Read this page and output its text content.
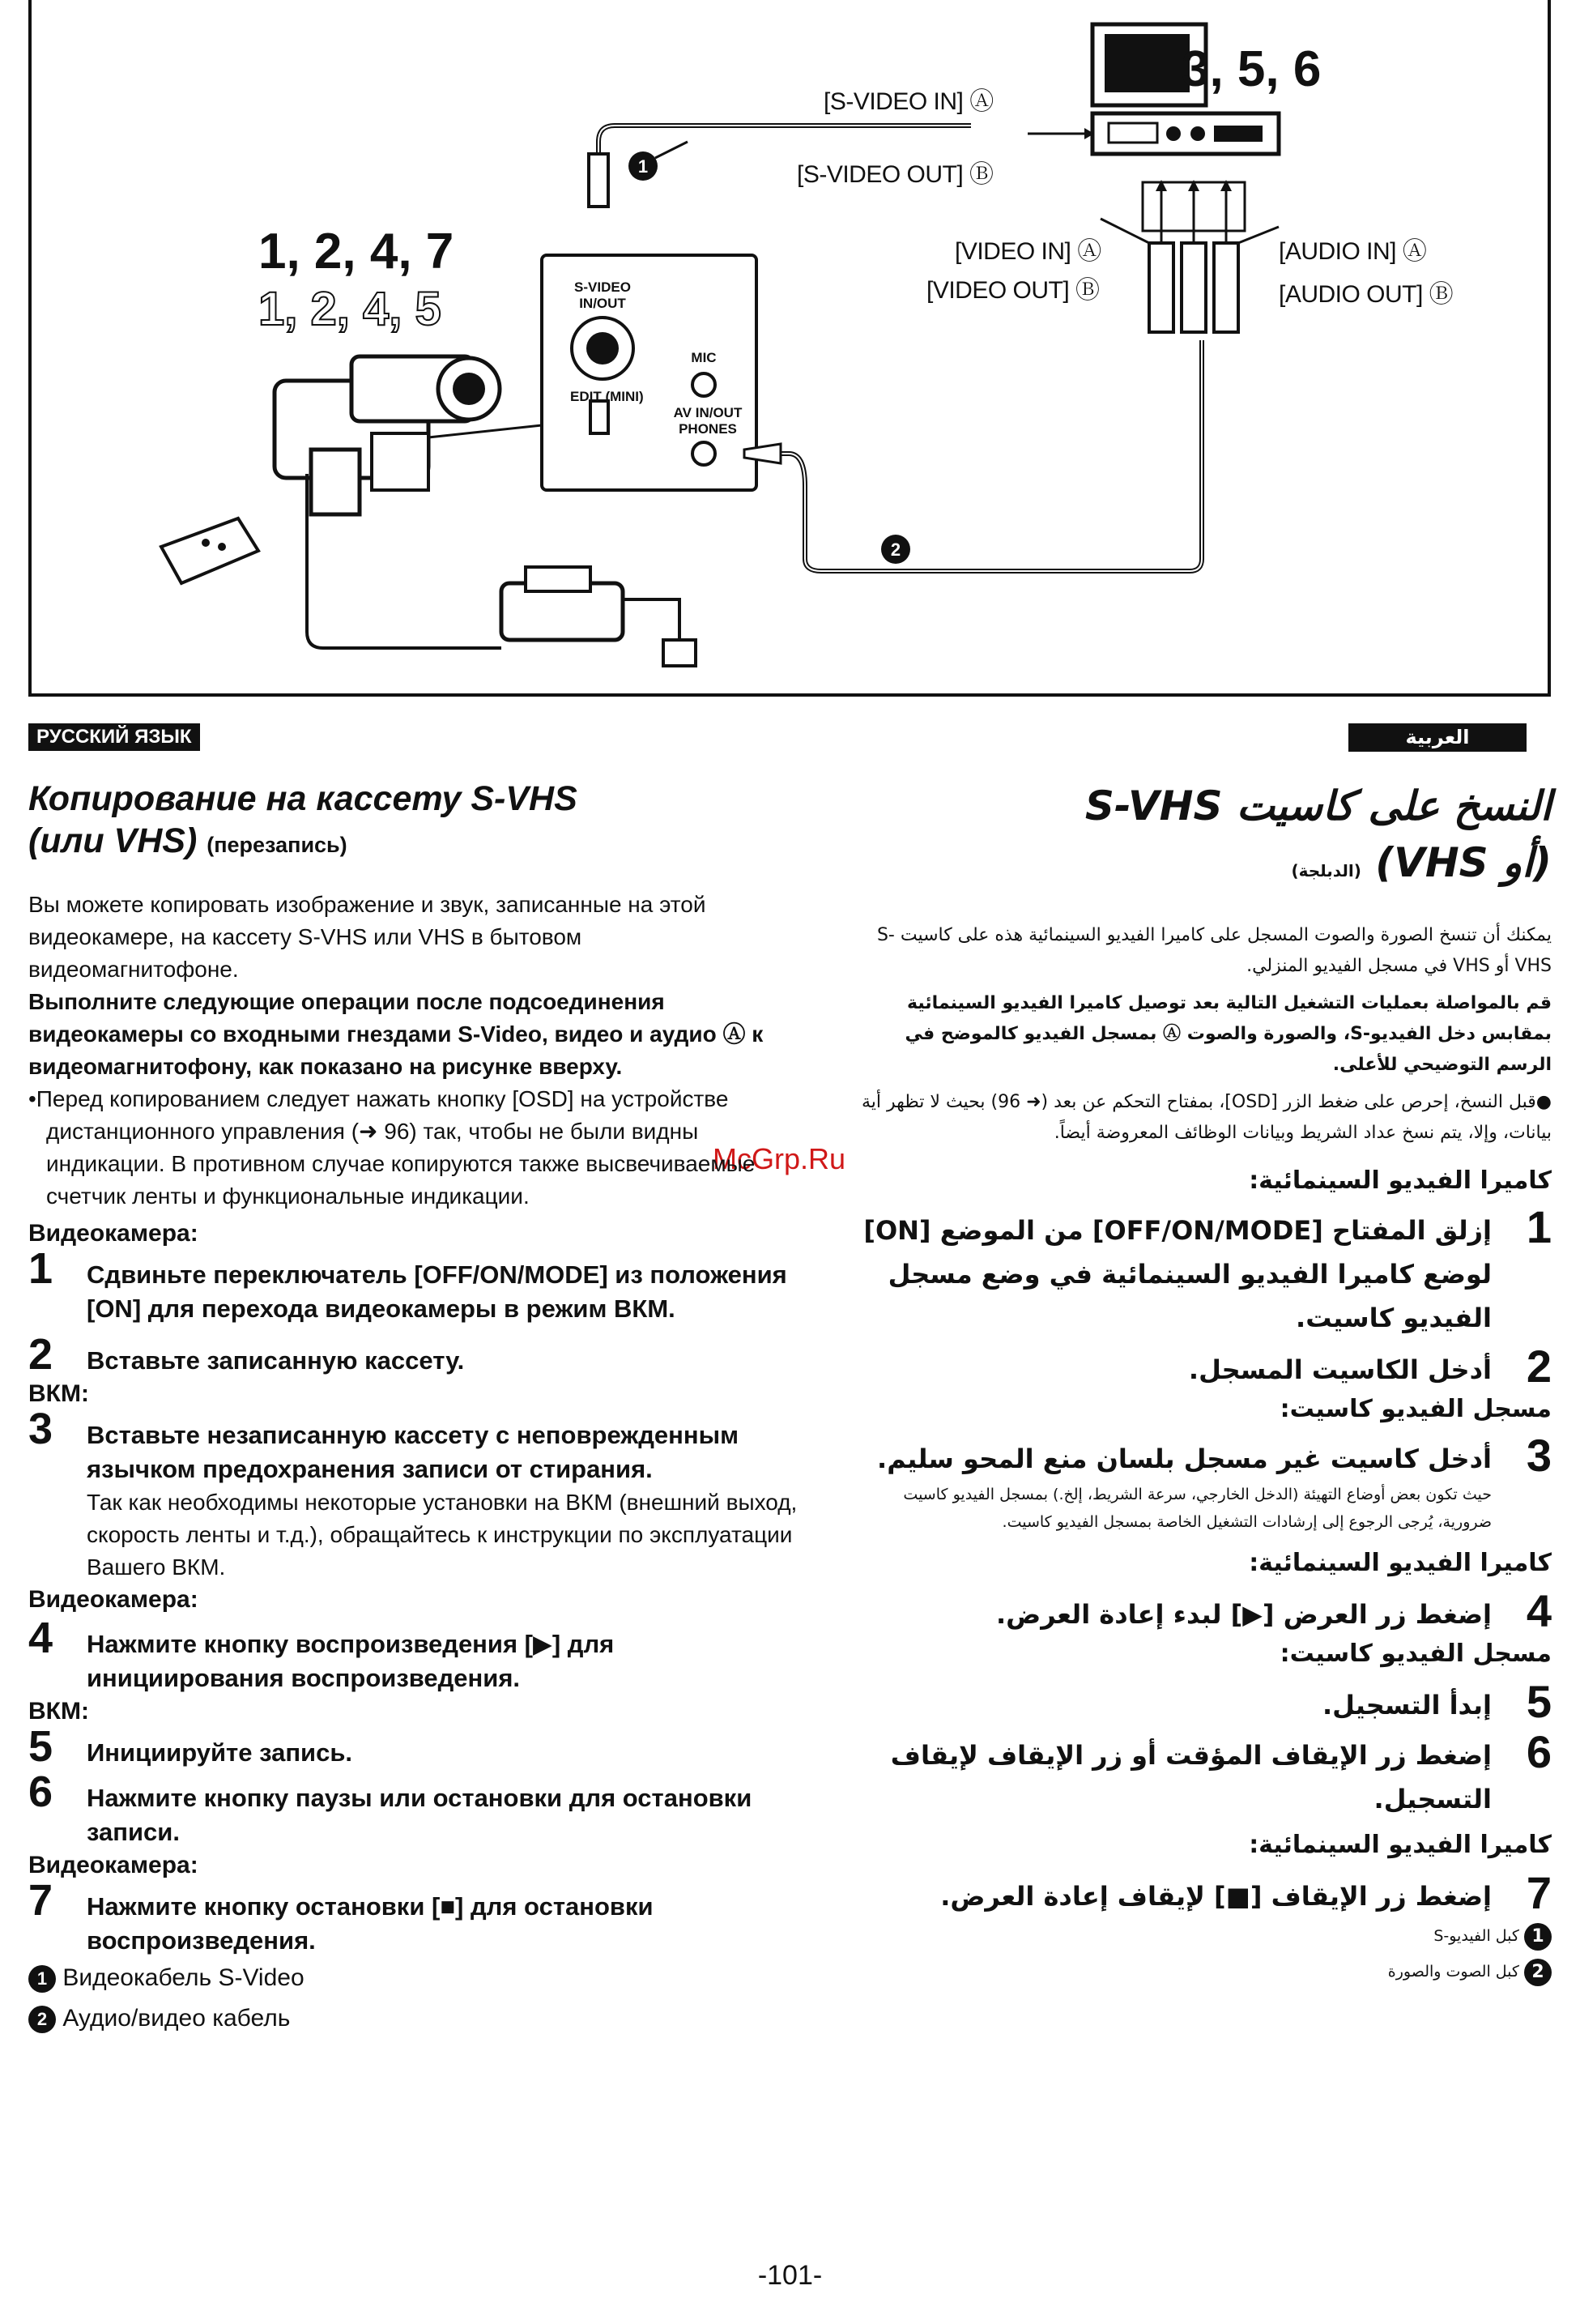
1
2
1, 2, 4, 7
1, 2, 4, 5
3, 5, 6
[S-VIDEO IN] Ⓐ
[S-VIDEO OUT] Ⓑ
[VIDEO IN] Ⓐ
[VIDEO OUT] Ⓑ
[AUDIO IN] Ⓐ
[AUDIO OUT] Ⓑ
S-VIDEO IN/OUT
EDIT (MINI)
MIC
AV IN/OUT PHONES
РУССКИЙ ЯЗЫК	العربية
McGrp.Ru
Копирование на кассету S-VHS
(или VHS) (перезапись)
Вы можете копировать изображение и звук, записанные на этой видеокамере, на кассету S-VHS или VHS в бытовом видеомагнитофоне.
Выполните следующие операции после подсоединения видеокамеры со входными гнездами S-Video, видео и аудио Ⓐ к видеомагнитофону, как показано на рисунке вверху.
•Перед копированием следует нажать кнопку [OSD] на устройстве дистанционного управления (➜ 96) так, чтобы не были видны индикации. В противном случае копируются также высвечиваемые счетчик ленты и функциональные индикации.
Видеокамера:
1 Сдвиньте переключатель [OFF/ON/MODE] из положения [ON] для перехода видеокамеры в режим ВКМ.
2 Вставьте записанную кассету.
ВКМ:
3 Вставьте незаписанную кассету с неповрежденным язычком предохранения записи от стирания.
Так как необходимы некоторые установки на ВКМ (внешний выход, скорость ленты и т.д.), обращайтесь к инструкции по эксплуатации Вашего ВКМ.
Видеокамера:
4 Нажмите кнопку воспроизведения [▶] для инициирования воспроизведения.
ВКМ:
5 Инициируйте запись.
6 Нажмите кнопку паузы или остановки для остановки записи.
Видеокамера:
7 Нажмите кнопку остановки [■] для остановки воспроизведения.
1 Видеокабель S-Video
2 Аудио/видео кабель
النسخ على كاسيت S-VHS
(أو VHS) (الدبلجة)
يمكنك أن تنسخ الصورة والصوت المسجل على كاميرا الفيديو السينمائية هذه على كاسيت S-VHS أو VHS في مسجل الفيديو المنزلي.
قم بالمواصلة بعمليات التشغيل التالية بعد توصيل كاميرا الفيديو السينمائية بمقابس دخل الفيديو-S، والصورة والصوت Ⓐ بمسجل الفيديو كالموضح في الرسم التوضيحي للأعلى.
●قبل النسخ، إحرص على ضغط الزر [OSD]، بمفتاح التحكم عن بعد (➜ 96) بحيث لا تظهر أية بيانات، وإلا، يتم نسخ عداد الشريط وبيانات الوظائف المعروضة أيضاً.
كاميرا الفيديو السينمائية:
1
إزلق المفتاح [OFF/ON/MODE] من الموضع [ON] لوضع كاميرا الفيديو السينمائية في وضع مسجل الفيديو كاسيت.
2
أدخل الكاسيت المسجل.
مسجل الفيديو كاسيت:
3
أدخل كاسيت غير مسجل بلسان منع المحو سليم.
حيث تكون بعض أوضاع التهيئة (الدخل الخارجي، سرعة الشريط، إلخ.) بمسجل الفيديو كاسيت ضرورية، يُرجى الرجوع إلى إرشادات التشغيل الخاصة بمسجل الفيديو كاسيت.
كاميرا الفيديو السينمائية:
4
إضغط زر العرض [▶] لبدء إعادة العرض.
مسجل الفيديو كاسيت:
5
إبدأ التسجيل.
6
إضغط زر الإيقاف المؤقت أو زر الإيقاف لإيقاف التسجيل.
كاميرا الفيديو السينمائية:
7
إضغط زر الإيقاف [■] لإيقاف إعادة العرض.
1 كبل الفيديو-S
2 كبل الصوت والصورة
-101-
